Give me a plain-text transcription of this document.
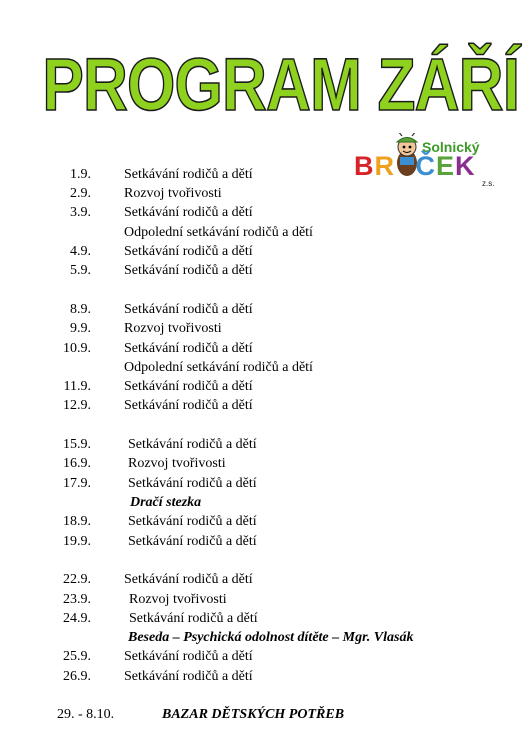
PROGRAM ZÁŘÍ
Solnický
BR ČEK
z.s.
1.9. Setkávání rodičů a dětí
2.9. Rozvoj tvořivosti
3.9. Setkávání rodičů a dětí
Odpolední setkávání rodičů a dětí
4.9. Setkávání rodičů a dětí
5.9. Setkávání rodičů a dětí
8.9. Setkávání rodičů a dětí
9.9. Rozvoj tvořivosti
10.9. Setkávání rodičů a dětí
Odpolední setkávání rodičů a dětí
11.9. Setkávání rodičů a dětí
12.9. Setkávání rodičů a dětí
15.9.	Setkávání rodičů a dětí
16.9.	Rozvoj tvořivosti
17.9.	Setkávání rodičů a dětí
Dračí stezka
18.9.	Setkávání rodičů a dětí
19.9.	Setkávání rodičů a dětí
22.9. Setkávání rodičů a dětí
23.9.	Rozvoj tvořivosti
24.9.	Setkávání rodičů a dětí
Beseda – Psychická odolnost dítěte – Mgr. Vlasák
25.9. Setkávání rodičů a dětí
26.9. Setkávání rodičů a dětí
29. - 8.10.	BAZAR DĚTSKÝCH POTŘEB
